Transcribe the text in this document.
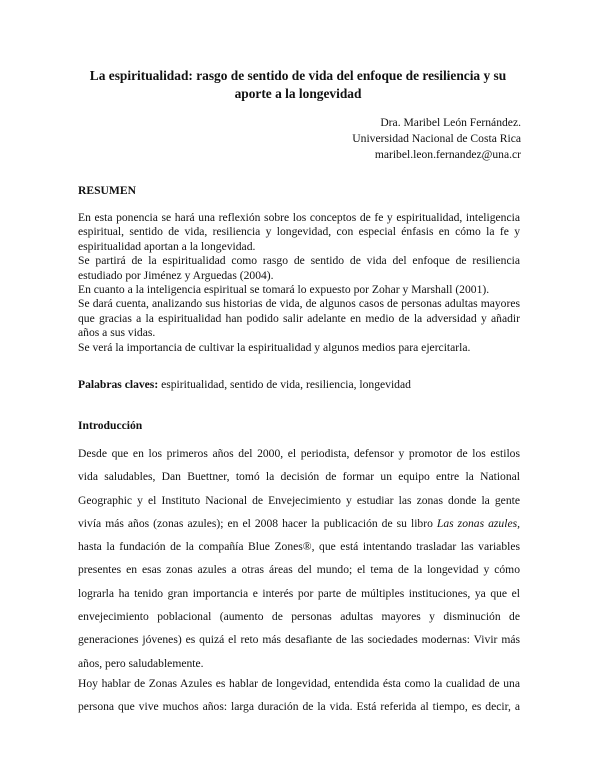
La espiritualidad: rasgo de sentido de vida del enfoque de resiliencia y su
aporte a la longevidad
Dra. Maribel León Fernández.
Universidad Nacional de Costa Rica
maribel.leon.fernandez@una.cr
RESUMEN

En esta ponencia se hará una reflexión sobre los conceptos de fe y espiritualidad, inteligencia espiritual, sentido de vida, resiliencia y longevidad, con especial énfasis en cómo la fe y espiritualidad aportan a la longevidad.

Se partirá de la espiritualidad como rasgo de sentido de vida del enfoque de resiliencia estudiado por Jiménez y Arguedas (2004).

En cuanto a la inteligencia espiritual se tomará lo expuesto por Zohar y Marshall (2001).

Se dará cuenta, analizando sus historias de vida, de algunos casos de personas adultas mayores que gracias a la espiritualidad han podido salir adelante en medio de la adversidad y añadir años a sus vidas.

Se verá la importancia de cultivar la espiritualidad y algunos medios para ejercitarla.

Palabras claves: espiritualidad, sentido de vida, resiliencia, longevidad
Introducción
Desde que en los primeros años del 2000, el periodista, defensor y promotor de los estilos
vida saludables, Dan Buettner, tomó la decisión de formar un equipo entre la National
Geographic y el Instituto Nacional de Envejecimiento y estudiar las zonas donde la gente
vivía más años (zonas azules); en el 2008 hacer la publicación de su libro Las zonas azules,
hasta la fundación de la compañía Blue Zones®, que está intentando trasladar las variables
presentes en esas zonas azules a otras áreas del mundo; el tema de la longevidad y cómo
lograrla ha tenido gran importancia e interés por parte de múltiples instituciones, ya que el
envejecimiento poblacional (aumento de personas adultas mayores y disminución de
generaciones jóvenes) es quizá el reto más desafiante de las sociedades modernas: Vivir más
años, pero saludablemente.
Hoy hablar de Zonas Azules es hablar de longevidad, entendida ésta como la cualidad de una
persona que vive muchos años: larga duración de la vida. Está referida al tiempo, es decir, a
